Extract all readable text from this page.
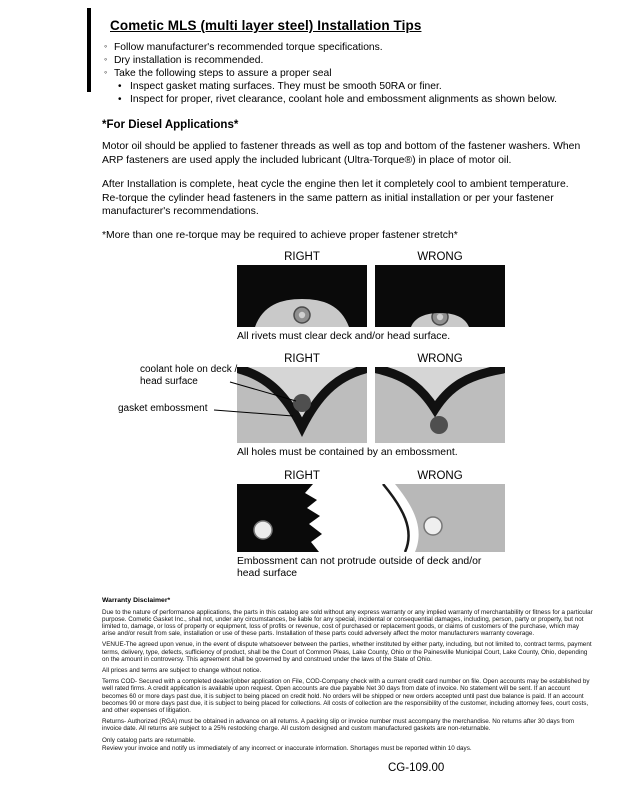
Cometic MLS (multi layer steel) Installation Tips
◦ Follow manufacturer's recommended torque specifications.
◦ Dry installation is recommended.
◦ Take the following steps to assure a proper seal
• Inspect gasket mating surfaces. They must be smooth 50RA or finer.
• Inspect for proper, rivet clearance, coolant hole and embossment alignments as shown below.
*For Diesel Applications*

Motor oil should be applied to fastener threads as well as top and bottom of the fastener washers. When ARP fasteners are used apply the included lubricant (Ultra-Torque®) in place of motor oil.

After Installation is complete, heat cycle the engine then let it completely cool to ambient temperature. Re-torque the cylinder head fasteners in the same pattern as initial installation or per your fastener manufacturer's recommendations.

*More than one re-torque may be required to achieve proper fastener stretch*

RIGHT	WRONG
All rivets must clear deck and/or head surface.
coolant hole on deck / head surface
gasket embossment
RIGHT	WRONG
All holes must be contained by an embossment.
RIGHT	WRONG
Embossment can not protrude outside of deck and/or head surface
Warranty Disclaimer*

Due to the nature of performance applications, the parts in this catalog are sold without any express warranty or any implied warranty of merchantability or fitness for a particular purpose. Cometic Gasket Inc., shall not, under any circumstances, be liable for any special, incidental or consequential damages, including, person, party or property, but not limited to, damage, or loss of property or equipment, loss of profits or revenue, cost of purchased or replacement goods, or claims of customers of the purchase, which may arise and/or result from sale, installation or use of these parts. Installation of these parts could adversely affect the motor manufacturers warranty coverage.

VENUE-The agreed upon venue, in the event of dispute whatsoever between the parties, whether instituted by either party, including, but not limited to, contract terms, payment terms, delivery, type, defects, sufficiency of product, shall be the Court of Common Pleas, Lake County, Ohio or the Painesville Municipal Court, Lake County, Ohio, depending on the amount in controversy. This agreement shall be governed by and construed under the laws of the State of Ohio.

All prices and terms are subject to change without notice.

Terms COD- Secured with a completed dealer/jobber application on File, COD-Company check with a current credit card number on file. Open accounts may be established by well rated firms. A credit application is available upon request. Open accounts are due payable Net 30 days from date of invoice. No statement will be sent. If an account becomes 60 or more days past due, it is subject to being placed on credit hold. No orders will be shipped or new orders accepted until past due balance is paid. If an account becomes 90 or more days past due, it is subject to being placed for collections. All costs of collection are the responsibility of the customer, including attorney fees, court costs, and other expenses of litigation.

Returns- Authorized (RGA) must be obtained in advance on all returns. A packing slip or invoice number must accompany the merchandise. No returns after 30 days from invoice date. All returns are subject to a 25% restocking charge. All custom designed and custom manufactured gaskets are non-returnable.

Only catalog parts are returnable.

Review your invoice and notify us immediately of any incorrect or inaccurate information. Shortages must be reported within 10 days.

CG-109.00
